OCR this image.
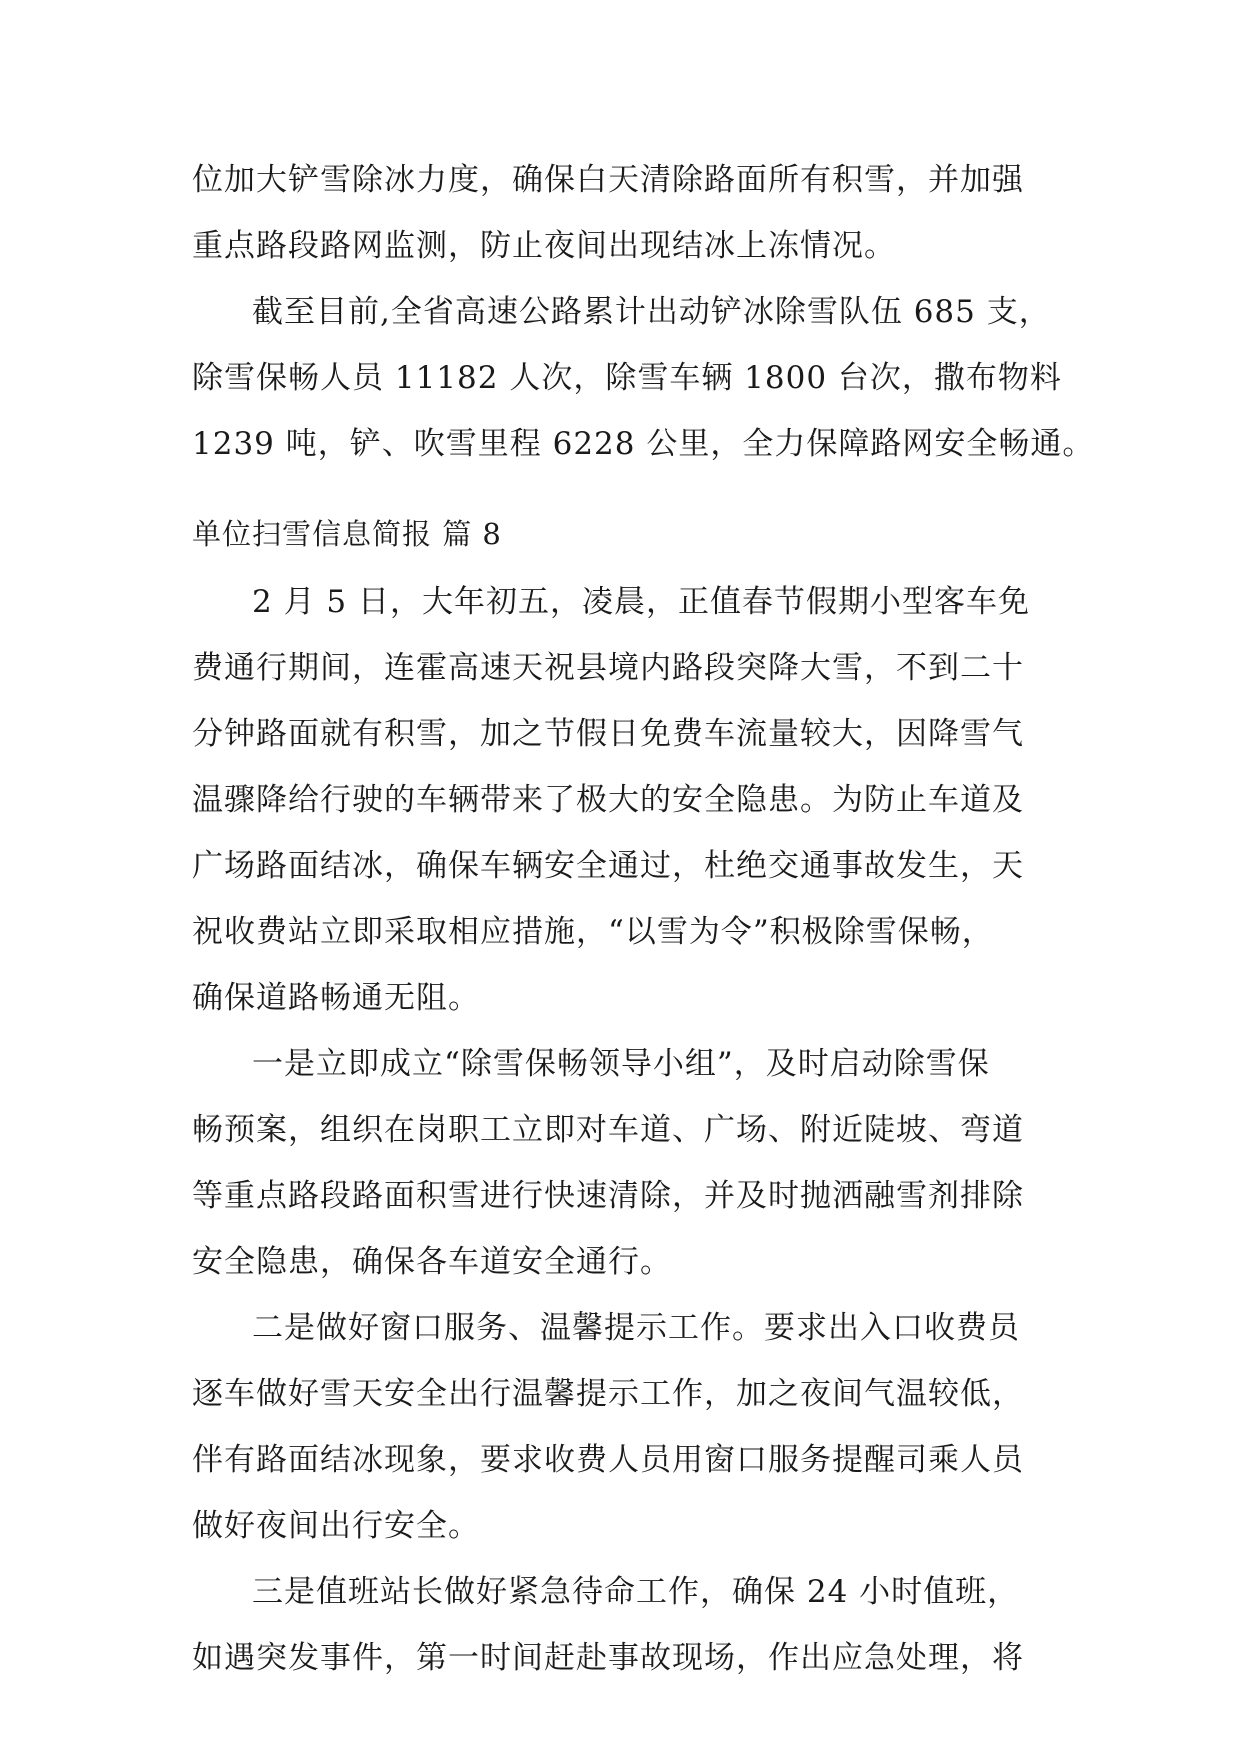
位加大铲雪除冰力度，确保白天清除路面所有积雪，并加强
重点路段路网监测，防止夜间出现结冰上冻情况。
截至目前,全省高速公路累计出动铲冰除雪队伍 685 支，
除雪保畅人员 11182 人次，除雪车辆 1800 台次，撒布物料
1239 吨，铲、吹雪里程 6228 公里，全力保障路网安全畅通。
单位扫雪信息简报 篇 8
2 月 5 日，大年初五，凌晨，正值春节假期小型客车免
费通行期间，连霍高速天祝县境内路段突降大雪，不到二十
分钟路面就有积雪，加之节假日免费车流量较大，因降雪气
温骤降给行驶的车辆带来了极大的安全隐患。为防止车道及
广场路面结冰，确保车辆安全通过，杜绝交通事故发生，天
祝收费站立即采取相应措施，“以雪为令”积极除雪保畅，
确保道路畅通无阻。
一是立即成立“除雪保畅领导小组”，及时启动除雪保
畅预案，组织在岗职工立即对车道、广场、附近陡坡、弯道
等重点路段路面积雪进行快速清除，并及时抛洒融雪剂排除
安全隐患，确保各车道安全通行。
二是做好窗口服务、温馨提示工作。要求出入口收费员
逐车做好雪天安全出行温馨提示工作，加之夜间气温较低，
伴有路面结冰现象，要求收费人员用窗口服务提醒司乘人员
做好夜间出行安全。
三是值班站长做好紧急待命工作，确保 24 小时值班，
如遇突发事件，第一时间赶赴事故现场，作出应急处理，将
